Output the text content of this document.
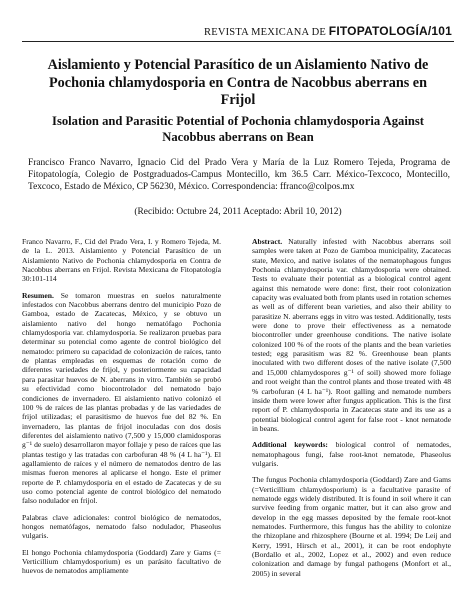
REVISTA MEXICANA DE FITOPATOLOGÍA/101
Aislamiento y Potencial Parasítico de un Aislamiento Nativo de Pochonia chlamydosporia en Contra de Nacobbus aberrans en Frijol
Isolation and Parasitic Potential of Pochonia chlamydosporia Against Nacobbus aberrans on Bean
Francisco Franco Navarro, Ignacio Cid del Prado Vera y María de la Luz Romero Tejeda, Programa de Fitopatología, Colegio de Postgraduados-Campus Montecillo, km 36.5 Carr. México-Texcoco, Montecillo, Texcoco, Estado de México, CP 56230, México. Correspondencia: ffranco@colpos.mx
(Recibido: Octubre 24, 2011 Aceptado: Abril 10, 2012)

Franco Navarro, F., Cid del Prado Vera, I. y Romero Tejeda, M. de la L. 2013. Aislamiento y Potencial Parasítico de un Aislamiento Nativo de Pochonia chlamydosporia en Contra de Nacobbus aberrans en Frijol. Revista Mexicana de Fitopatología 30:101-114

Resumen. Se tomaron muestras en suelos naturalmente infestados con Nacobbus aberrans dentro del municipio Pozo de Gamboa, estado de Zacatecas, México, y se obtuvo un aislamiento nativo del hongo nematófago Pochonia chlamydosporia var. chlamydosporia. Se realizaron pruebas para determinar su potencial como agente de control biológico del nematodo: primero su capacidad de colonización de raíces, tanto de plantas empleadas en esquemas de rotación como de diferentes variedades de frijol, y posteriormente su capacidad para parasitar huevos de N. aberrans in vitro. También se probó su efectividad como biocontrolador del nematodo bajo condiciones de invernadero. El aislamiento nativo colonizó el 100 % de raíces de las plantas probadas y de las variedades de frijol utilizadas; el parasitismo de huevos fue del 82 %. En invernadero, las plantas de frijol inoculadas con dos dosis diferentes del aislamiento nativo (7,500 y 15,000 clamidosporas g⁻¹ de suelo) desarrollaron mayor follaje y peso de raíces que las plantas testigo y las tratadas con carbofuran 48 % (4 L ha⁻¹). El agallamiento de raíces y el número de nematodos dentro de las mismas fueron menores al aplicarse el hongo. Este el primer reporte de P. chlamydosporia en el estado de Zacatecas y de su uso como potencial agente de control biológico del nematodo falso nodulador en frijol.

Palabras clave adicionales: control biológico de nematodos, hongos nematófagos, nematodo falso nodulador, Phaseolus vulgaris.

El hongo Pochonia chlamydosporia (Goddard) Zare y Gams (= Verticillium chlamydosporium) es un parásito facultativo de huevos de nematodos ampliamente

Abstract. Naturally infested with Nacobbus aberrans soil samples were taken at Pozo de Gamboa municipality, Zacatecas state, Mexico, and native isolates of the nematophagous fungus Pochonia chlamydosporia var. chlamydosporia were obtained. Tests to evaluate their potential as a biological control agent against this nematode were done: first, their root colonization capacity was evaluated both from plants used in rotation schemes as well as of different bean varieties, and also their ability to parasitize N. aberrans eggs in vitro was tested. Additionally, tests were done to prove their effectiveness as a nematode biocontroller under greenhouse conditions. The native isolate colonized 100 % of the roots of the plants and the bean varieties tested; egg parasitism was 82 %. Greenhouse bean plants inoculated with two different doses of the native isolate (7,500 and 15,000 chlamydospores g⁻¹ of soil) showed more foliage and root weight than the control plants and those treated with 48 % carbofuran (4 L ha⁻¹). Root galling and nematode numbers inside them were lower after fungus application. This is the first report of P. chlamydosporia in Zacatecas state and its use as a potential biological control agent for false root - knot nematode in beans.

Additional keywords: biological control of nematodes, nematophagous fungi, false root-knot nematode, Phaseolus vulgaris.

The fungus Pochonia chlamydosporia (Goddard) Zare and Gams (=Verticillium chlamydosporium) is a facultative parasite of nematode eggs widely distributed. It is found in soil where it can survive feeding from organic matter, but it can also grow and develop in the egg masses deposited by the female root-knot nematodes. Furthermore, this fungus has the ability to colonize the rhizoplane and rhizosphere (Bourne et al. 1994; De Leij and Kerry, 1991, Hirsch et al., 2001), it can be root endophyte (Bordallo et al., 2002, Lopez et al., 2002) and even reduce colonization and damage by fungal pathogens (Monfort et al., 2005) in several
